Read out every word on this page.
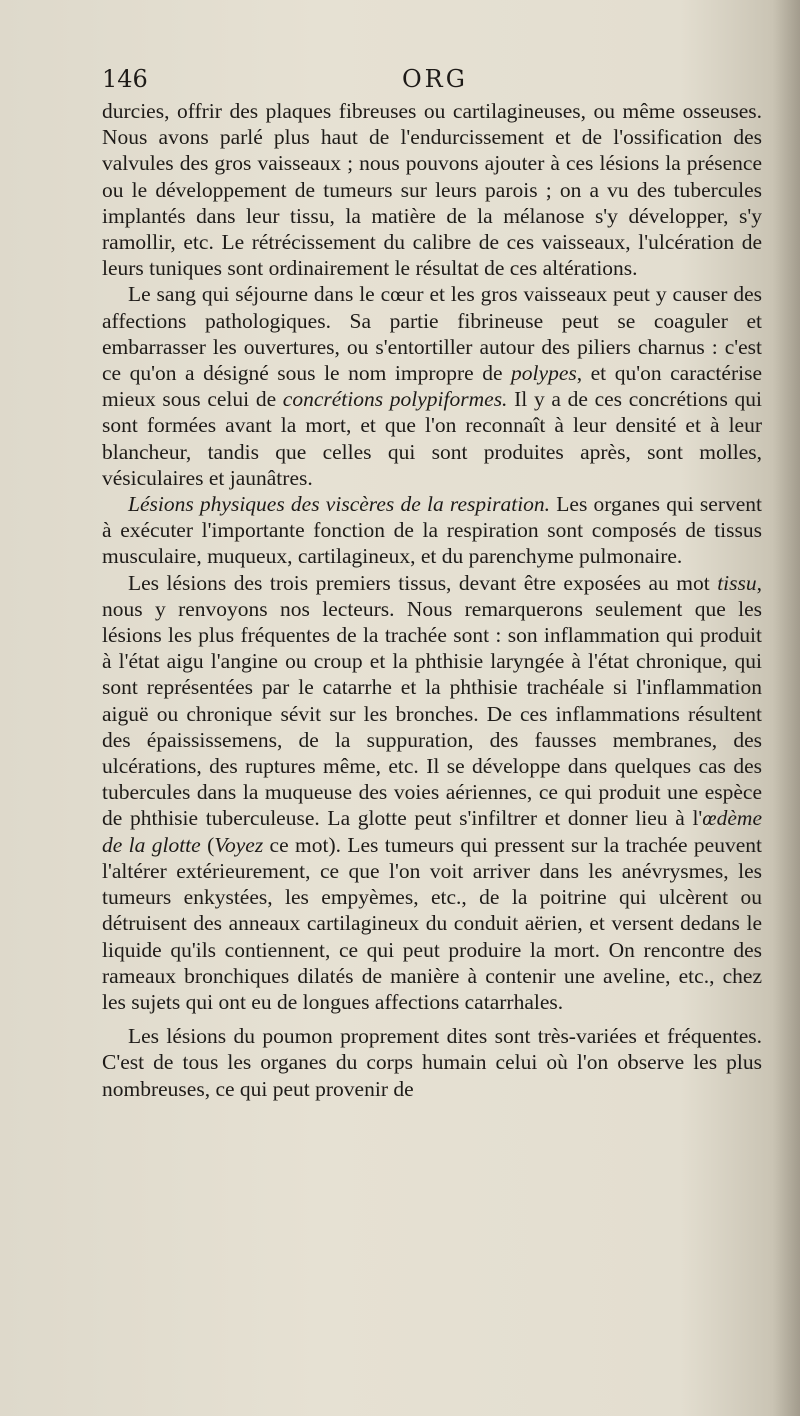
146	ORG

durcies, offrir des plaques fibreuses ou cartilagineuses, ou même osseuses. Nous avons parlé plus haut de l'endurcissement et de l'ossification des valvules des gros vaisseaux ; nous pouvons ajouter à ces lésions la présence ou le développement de tumeurs sur leurs parois ; on a vu des tubercules implantés dans leur tissu, la matière de la mélanose s'y développer, s'y ramollir, etc. Le rétrécissement du calibre de ces vaisseaux, l'ulcération de leurs tuniques sont ordinairement le résultat de ces altérations.

Le sang qui séjourne dans le cœur et les gros vaisseaux peut y causer des affections pathologiques. Sa partie fibrineuse peut se coaguler et embarrasser les ouvertures, ou s'entortiller autour des piliers charnus : c'est ce qu'on a désigné sous le nom impropre de polypes, et qu'on caractérise mieux sous celui de concrétions polypiformes. Il y a de ces concrétions qui sont formées avant la mort, et que l'on reconnaît à leur densité et à leur blancheur, tandis que celles qui sont produites après, sont molles, vésiculaires et jaunâtres.

Lésions physiques des viscères de la respiration. Les organes qui servent à exécuter l'importante fonction de la respiration sont composés de tissus musculaire, muqueux, cartilagineux, et du parenchyme pulmonaire.

Les lésions des trois premiers tissus, devant être exposées au mot tissu, nous y renvoyons nos lecteurs. Nous remarquerons seulement que les lésions les plus fréquentes de la trachée sont : son inflammation qui produit à l'état aigu l'angine ou croup et la phthisie laryngée à l'état chronique, qui sont représentées par le catarrhe et la phthisie trachéale si l'inflammation aiguë ou chronique sévit sur les bronches. De ces inflammations résultent des épaississemens, de la suppuration, des fausses membranes, des ulcérations, des ruptures même, etc. Il se développe dans quelques cas des tubercules dans la muqueuse des voies aériennes, ce qui produit une espèce de phthisie tuberculeuse. La glotte peut s'infiltrer et donner lieu à l'œdème de la glotte (Voyez ce mot). Les tumeurs qui pressent sur la trachée peuvent l'altérer extérieurement, ce que l'on voit arriver dans les anévrysmes, les tumeurs enkystées, les empyèmes, etc., de la poitrine qui ulcèrent ou détruisent des anneaux cartilagineux du conduit aërien, et versent dedans le liquide qu'ils contiennent, ce qui peut produire la mort. On rencontre des rameaux bronchiques dilatés de manière à contenir une aveline, etc., chez les sujets qui ont eu de longues affections catarrhales.

Les lésions du poumon proprement dites sont très-variées et fréquentes. C'est de tous les organes du corps humain celui où l'on observe les plus nombreuses, ce qui peut provenir de
